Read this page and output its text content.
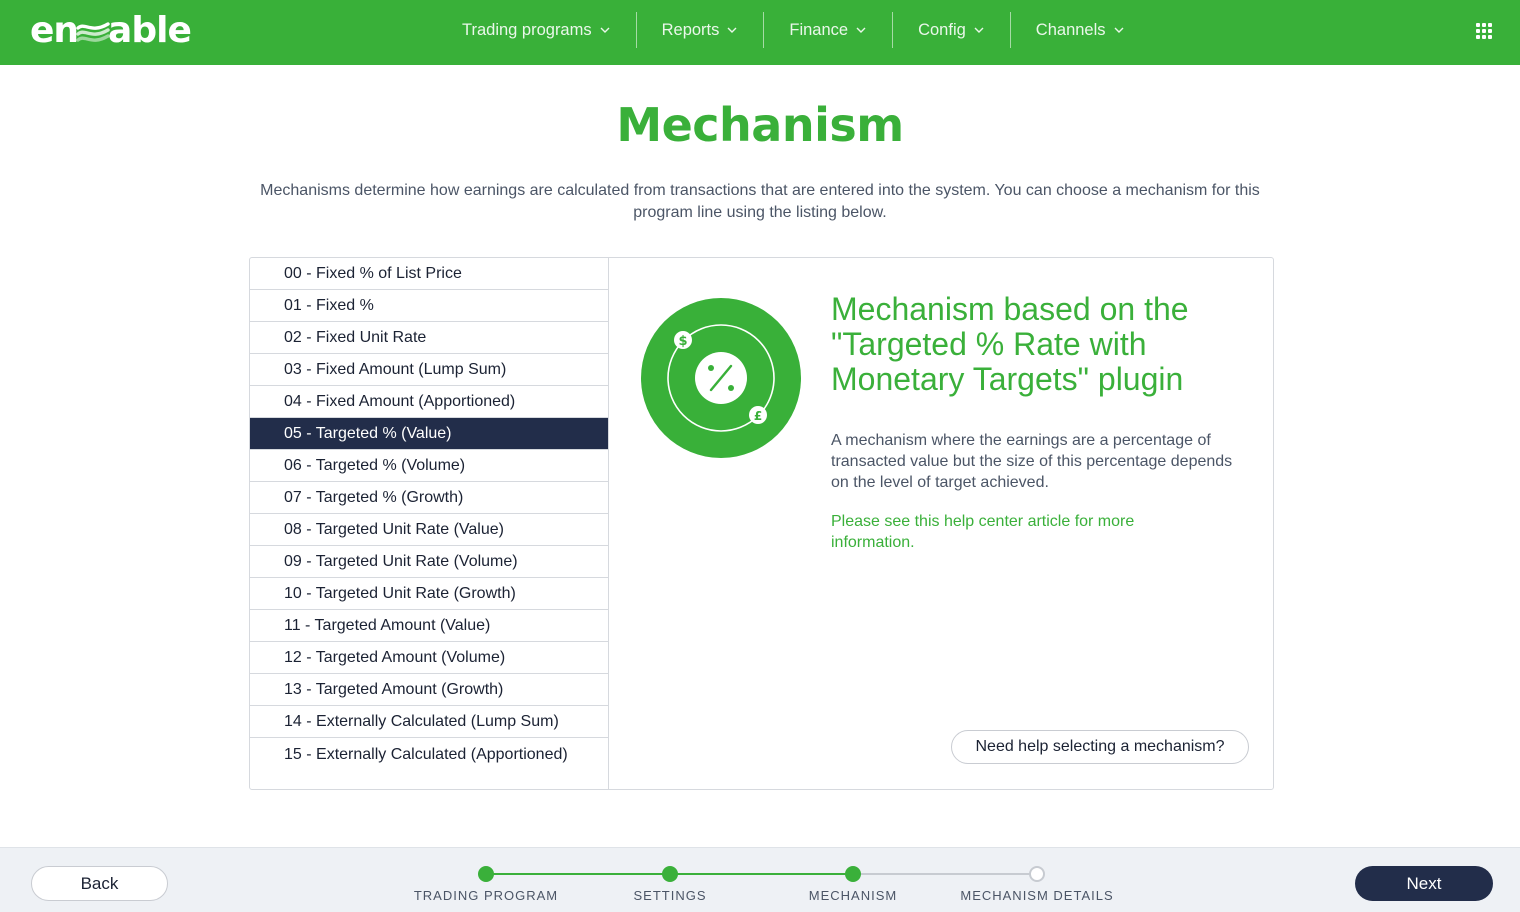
en able	Trading programs	Reports	Finance	Config	Channels
Mechanism

Mechanisms determine how earnings are calculated from transactions that are entered into the system. You can choose a mechanism for this program line using the listing below.

00 - Fixed % of List Price
01 - Fixed %
02 - Fixed Unit Rate
03 - Fixed Amount (Lump Sum)
04 - Fixed Amount (Apportioned)
05 - Targeted % (Value)
06 - Targeted % (Volume)
07 - Targeted % (Growth)
08 - Targeted Unit Rate (Value)
09 - Targeted Unit Rate (Volume)
10 - Targeted Unit Rate (Growth)
11 - Targeted Amount (Value)
12 - Targeted Amount (Volume)
13 - Targeted Amount (Growth)
14 - Externally Calculated (Lump Sum)
15 - Externally Calculated (Apportioned)
$
£
Mechanism based on the "Targeted % Rate with Monetary Targets" plugin

A mechanism where the earnings are a percentage of transacted value but the size of this percentage depends on the level of target achieved.

Please see this help center article for more information.
Need help selecting a mechanism?
TRADING PROGRAM	SETTINGS	MECHANISM	MECHANISM DETAILS
Back	Next
